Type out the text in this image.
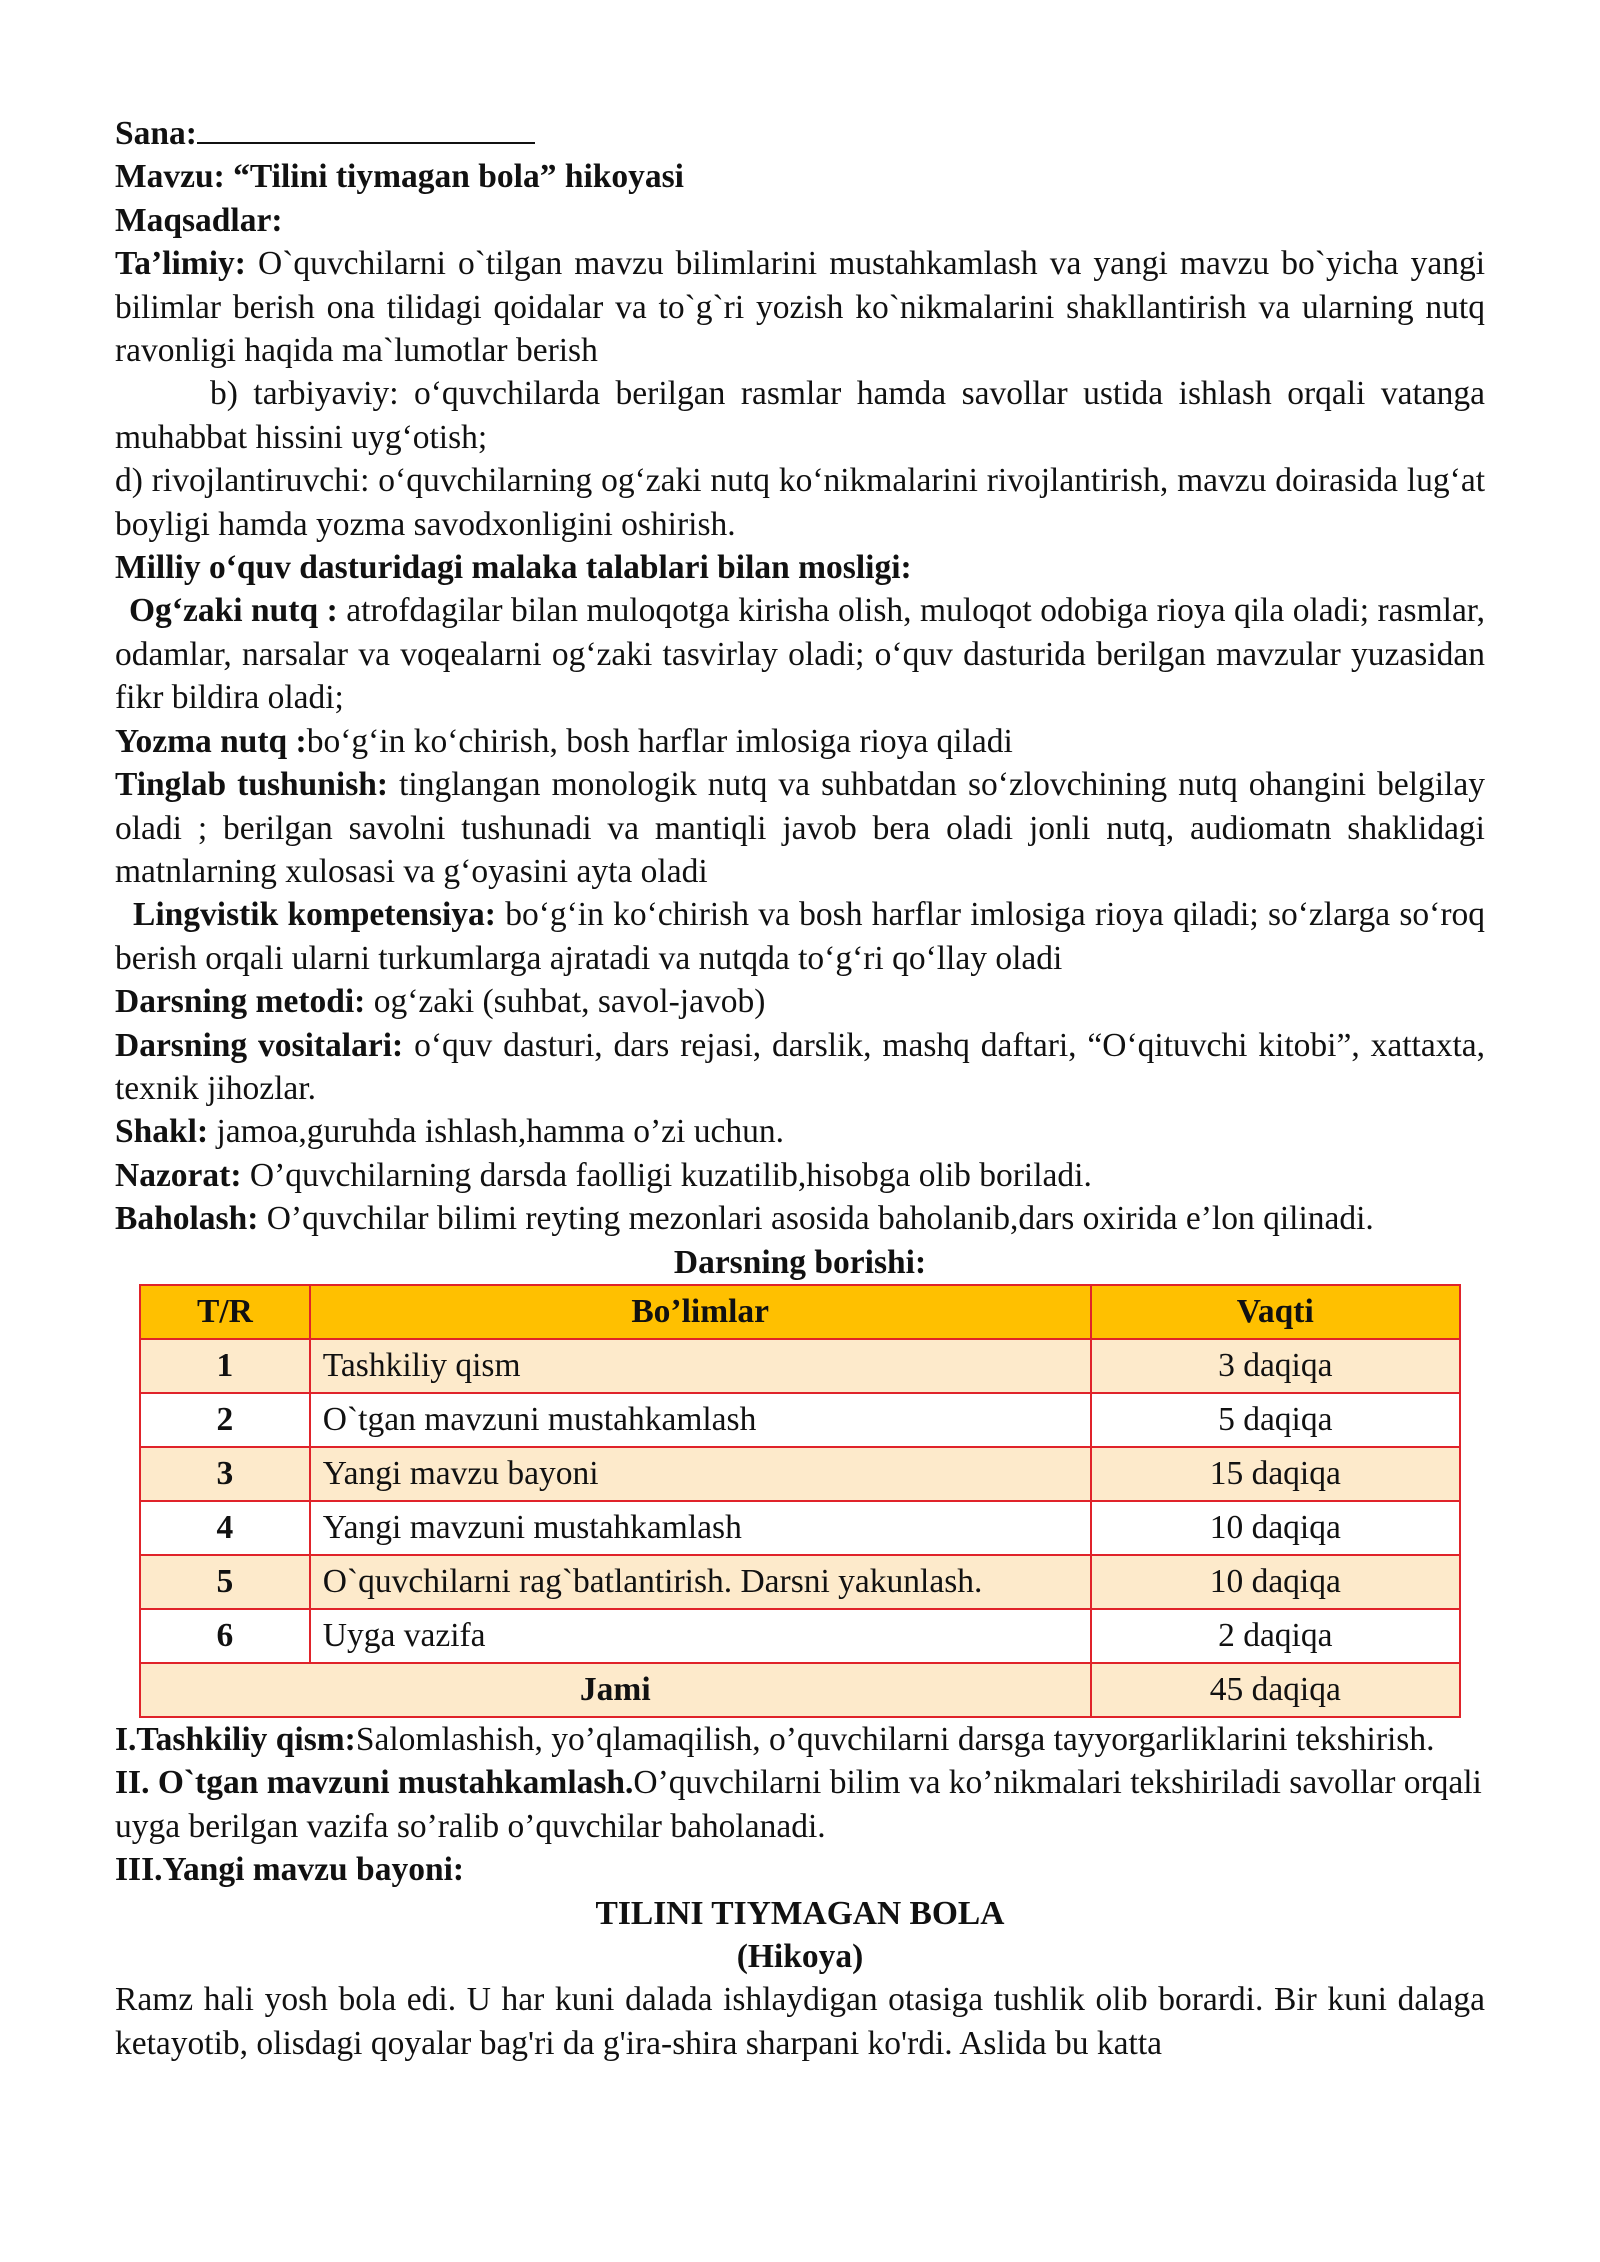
Sana:

Mavzu: “Tilini tiymagan bola” hikoyasi

Maqsadlar:

Ta’limiy: O`quvchilarni o`tilgan mavzu bilimlarini mustahkamlash va yangi mavzu bo`yicha yangi bilimlar berish ona tilidagi qoidalar va to`g`ri yozish ko`nikmalarini shakllantirish va ularning nutq ravonligi haqida ma`lumotlar berish

b) tarbiyaviy: o‘quvchilarda berilgan rasmlar hamda savollar ustida ishlash orqali vatanga muhabbat hissini uyg‘otish;

d) rivojlantiruvchi: o‘quvchilarning og‘zaki nutq ko‘nikmalarini rivojlantirish, mavzu doirasida lug‘at boyligi hamda yozma savodxonligini oshirish.

Milliy o‘quv dasturidagi malaka talablari bilan mosligi:

Og‘zaki nutq : atrofdagilar bilan muloqotga kirisha olish, muloqot odobiga rioya qila oladi; rasmlar, odamlar, narsalar va voqealarni og‘zaki tasvirlay oladi; o‘quv dasturida berilgan mavzular yuzasidan fikr bildira oladi;

Yozma nutq :bo‘g‘in ko‘chirish, bosh harflar imlosiga rioya qiladi

Tinglab tushunish: tinglangan monologik nutq va suhbatdan so‘zlovchining nutq ohangini belgilay oladi ; berilgan savolni tushunadi va mantiqli javob bera oladi jonli nutq, audiomatn shaklidagi matnlarning xulosasi va g‘oyasini ayta oladi

Lingvistik kompetensiya: bo‘g‘in ko‘chirish va bosh harflar imlosiga rioya qiladi; so‘zlarga so‘roq berish orqali ularni turkumlarga ajratadi va nutqda to‘g‘ri qo‘llay oladi

Darsning metodi: og‘zaki (suhbat, savol-javob)

Darsning vositalari: o‘quv dasturi, dars rejasi, darslik, mashq daftari, “O‘qituvchi kitobi”, xattaxta, texnik jihozlar.

Shakl: jamoa,guruhda ishlash,hamma o’zi uchun.

Nazorat: O’quvchilarning darsda faolligi kuzatilib,hisobga olib boriladi.

Baholash: O’quvchilar bilimi reyting mezonlari asosida baholanib,dars oxirida e’lon qilinadi.

Darsning borishi:

T/R	Bo’limlar	Vaqti
1	Tashkiliy qism	3 daqiqa
2	O`tgan mavzuni mustahkamlash	5 daqiqa
3	Yangi mavzu bayoni	15 daqiqa
4	Yangi mavzuni mustahkamlash	10 daqiqa
5	O`quvchilarni rag`batlantirish. Darsni yakunlash.	10 daqiqa
6	Uyga vazifa	2 daqiqa
Jami		45 daqiqa

I.Tashkiliy qism:Salomlashish, yo’qlamaqilish, o’quvchilarni darsga tayyorgarliklarini tekshirish.

II. O`tgan mavzuni mustahkamlash.O’quvchilarni bilim va ko’nikmalari tekshiriladi savollar orqali uyga berilgan vazifa so’ralib o’quvchilar baholanadi.

III.Yangi mavzu bayoni:

TILINI TIYMAGAN BOLA

(Hikoya)

Ramz hali yosh bola edi. U har kuni dalada ishlaydigan otasiga tushlik olib borardi. Bir kuni dalaga ketayotib, olisdagi qoyalar bag'ri da g'ira-shira sharpani ko'rdi. Aslida bu katta
